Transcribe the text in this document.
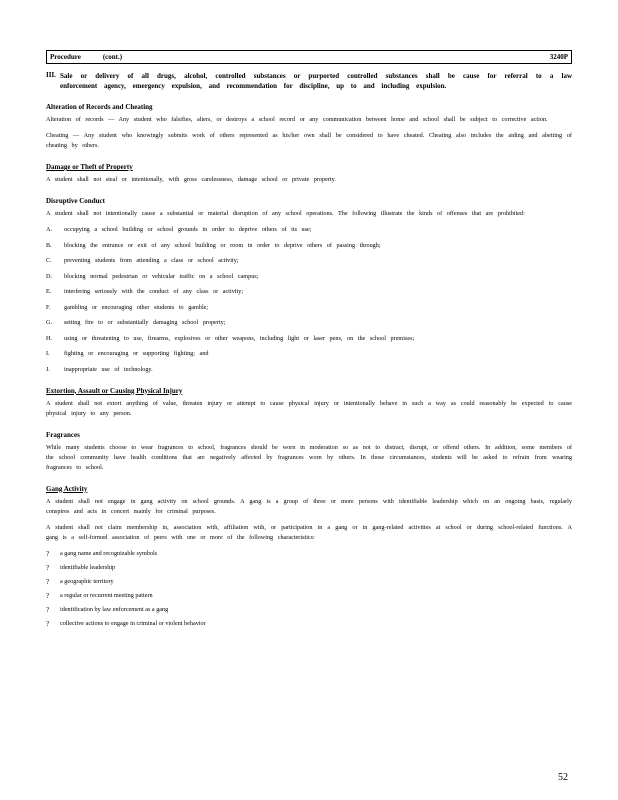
Procedure	(cont.)	3240P
III. Sale or delivery of all drugs, alcohol, controlled substances or purported controlled substances shall be cause for referral to a law enforcement agency, emergency expulsion, and recommendation for discipline, up to and including expulsion.
Alteration of Records and Cheating

Alteration of records — Any student who falsifies, alters, or destroys a school record or any communication between home and school shall be subject to corrective action.

Cheating — Any student who knowingly submits work of others represented as his/her own shall be considered to have cheated. Cheating also includes the aiding and abetting of cheating by others.

Damage or Theft of Property

A student shall not steal or intentionally, with gross carelessness, damage school or private property.

Disruptive Conduct

A student shall not intentionally cause a substantial or material disruption of any school operations. The following illustrate the kinds of offenses that are prohibited:

A.	occupying a school building or school grounds in order to deprive others of its use;
B.	blocking the entrance or exit of any school building or room in order to deprive others of passing through;
C.	preventing students from attending a class or school activity;
D.	blocking normal pedestrian or vehicular traffic on a school campus;
E.	interfering seriously with the conduct of any class or activity;
F.	gambling or encouraging other students to gamble;
G.	setting fire to or substantially damaging school property;
H.	using or threatening to use, firearms, explosives or other weapons, including light or laser pens, on the school premises;
I.	fighting or encouraging or supporting fighting; and
J.	inappropriate use of technology.
Extortion, Assault or Causing Physical Injury

A student shall not extort anything of value, threaten injury or attempt to cause physical injury or intentionally behave in such a way as could reasonably be expected to cause physical injury to any person.

Fragrances

While many students choose to wear fragrances to school, fragrances should be worn in moderation so as not to distract, disrupt, or offend others. In addition, some members of the school community have health conditions that are negatively affected by fragrances worn by others. In those circumstances, students will be asked to refrain from wearing fragrances to school.

Gang Activity

A student shall not engage in gang activity on school grounds. A gang is a group of three or more persons with identifiable leadership which on an ongoing basis, regularly conspires and acts in concert mainly for criminal purposes.

A student shall not claim membership in, association with, affiliation with, or participation in a gang or in gang-related activities at school or during school-related functions. A gang is a self-formed association of peers with one or more of the following characteristics:

?	a gang name and recognizable symbols
?	identifiable leadership
?	a geographic territory
?	a regular or recurrent meeting pattern
?	identification by law enforcement as a gang
?	collective actions to engage in criminal or violent behavior
52
